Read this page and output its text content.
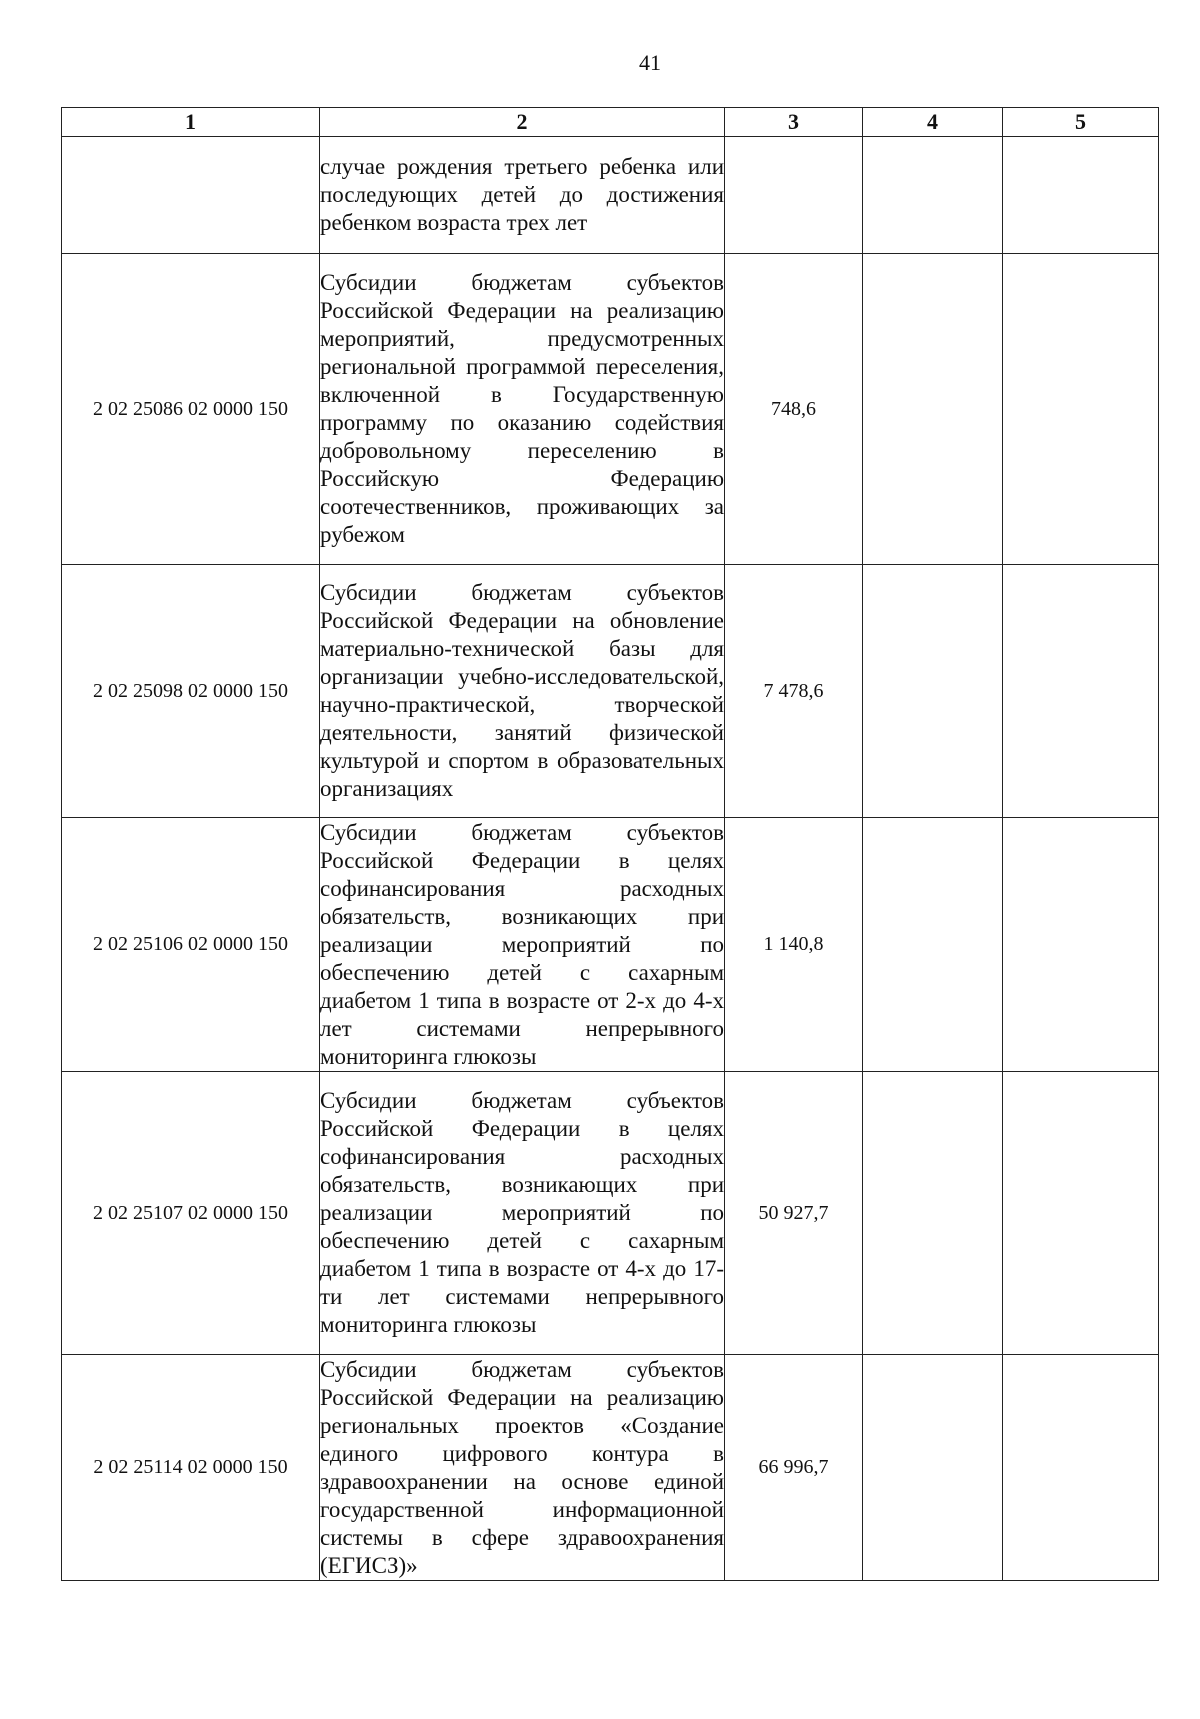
41
1	2	3	4	5
	случае рождения третьего ребенка или последующих детей до достижения ребенком возраста трех лет			
2 02 25086 02 0000 150	Субсидии бюджетам субъектов Российской Федерации на реализацию мероприятий, предусмотренных региональной программой переселения, включенной в Государственную программу по оказанию содействия добровольному переселению в Российскую Федерацию соотечественников, проживающих за рубежом	748,6		
2 02 25098 02 0000 150	Субсидии бюджетам субъектов Российской Федерации на обновление материально-технической базы для организации учебно-исследовательской, научно-практической, творческой деятельности, занятий физической культурой и спортом в образовательных организациях	7 478,6		
2 02 25106 02 0000 150	Субсидии бюджетам субъектов Российской Федерации в целях софинансирования расходных обязательств, возникающих при реализации мероприятий по обеспечению детей с сахарным диабетом 1 типа в возрасте от 2-х до 4-х лет системами непрерывного мониторинга глюкозы	1 140,8		
2 02 25107 02 0000 150	Субсидии бюджетам субъектов Российской Федерации в целях софинансирования расходных обязательств, возникающих при реализации мероприятий по обеспечению детей с сахарным диабетом 1 типа в возрасте от 4-х до 17-ти лет системами непрерывного мониторинга глюкозы	50 927,7		
2 02 25114 02 0000 150	Субсидии бюджетам субъектов Российской Федерации на реализацию региональных проектов «Создание единого цифрового контура в здравоохранении на основе единой государственной информационной системы в сфере здравоохранения (ЕГИСЗ)»	66 996,7		
